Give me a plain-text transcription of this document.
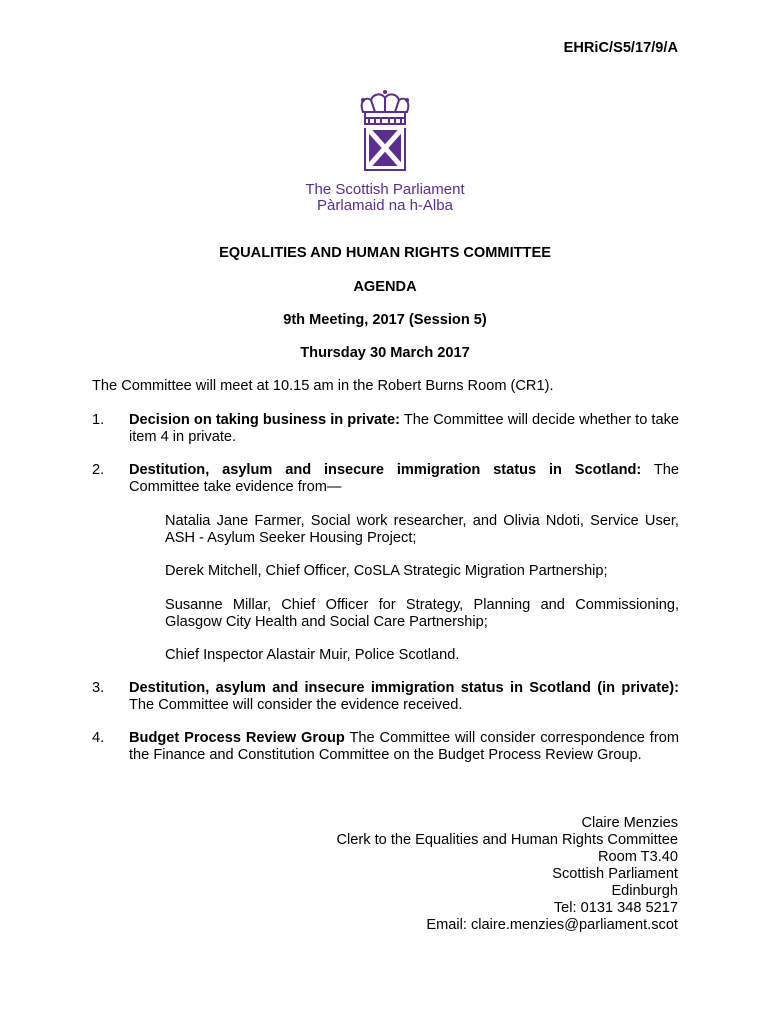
EHRiC/S5/17/9/A
The Scottish Parliament
Pàrlamaid na h-Alba
EQUALITIES AND HUMAN RIGHTS COMMITTEE
AGENDA
9th Meeting, 2017 (Session 5)
Thursday 30 March 2017
The Committee will meet at 10.15 am in the Robert Burns Room (CR1).
1. Decision on taking business in private: The Committee will decide whether to take item 4 in private.
2. Destitution, asylum and insecure immigration status in Scotland: The Committee take evidence from—
Natalia Jane Farmer, Social work researcher, and Olivia Ndoti, Service User, ASH - Asylum Seeker Housing Project;
Derek Mitchell, Chief Officer, CoSLA Strategic Migration Partnership;
Susanne Millar, Chief Officer for Strategy, Planning and Commissioning, Glasgow City Health and Social Care Partnership;
Chief Inspector Alastair Muir, Police Scotland.
3. Destitution, asylum and insecure immigration status in Scotland (in private): The Committee will consider the evidence received.
4. Budget Process Review Group The Committee will consider correspondence from the Finance and Constitution Committee on the Budget Process Review Group.
Claire Menzies
Clerk to the Equalities and Human Rights Committee
Room T3.40
Scottish Parliament
Edinburgh
Tel: 0131 348 5217
Email: claire.menzies@parliament.scot
